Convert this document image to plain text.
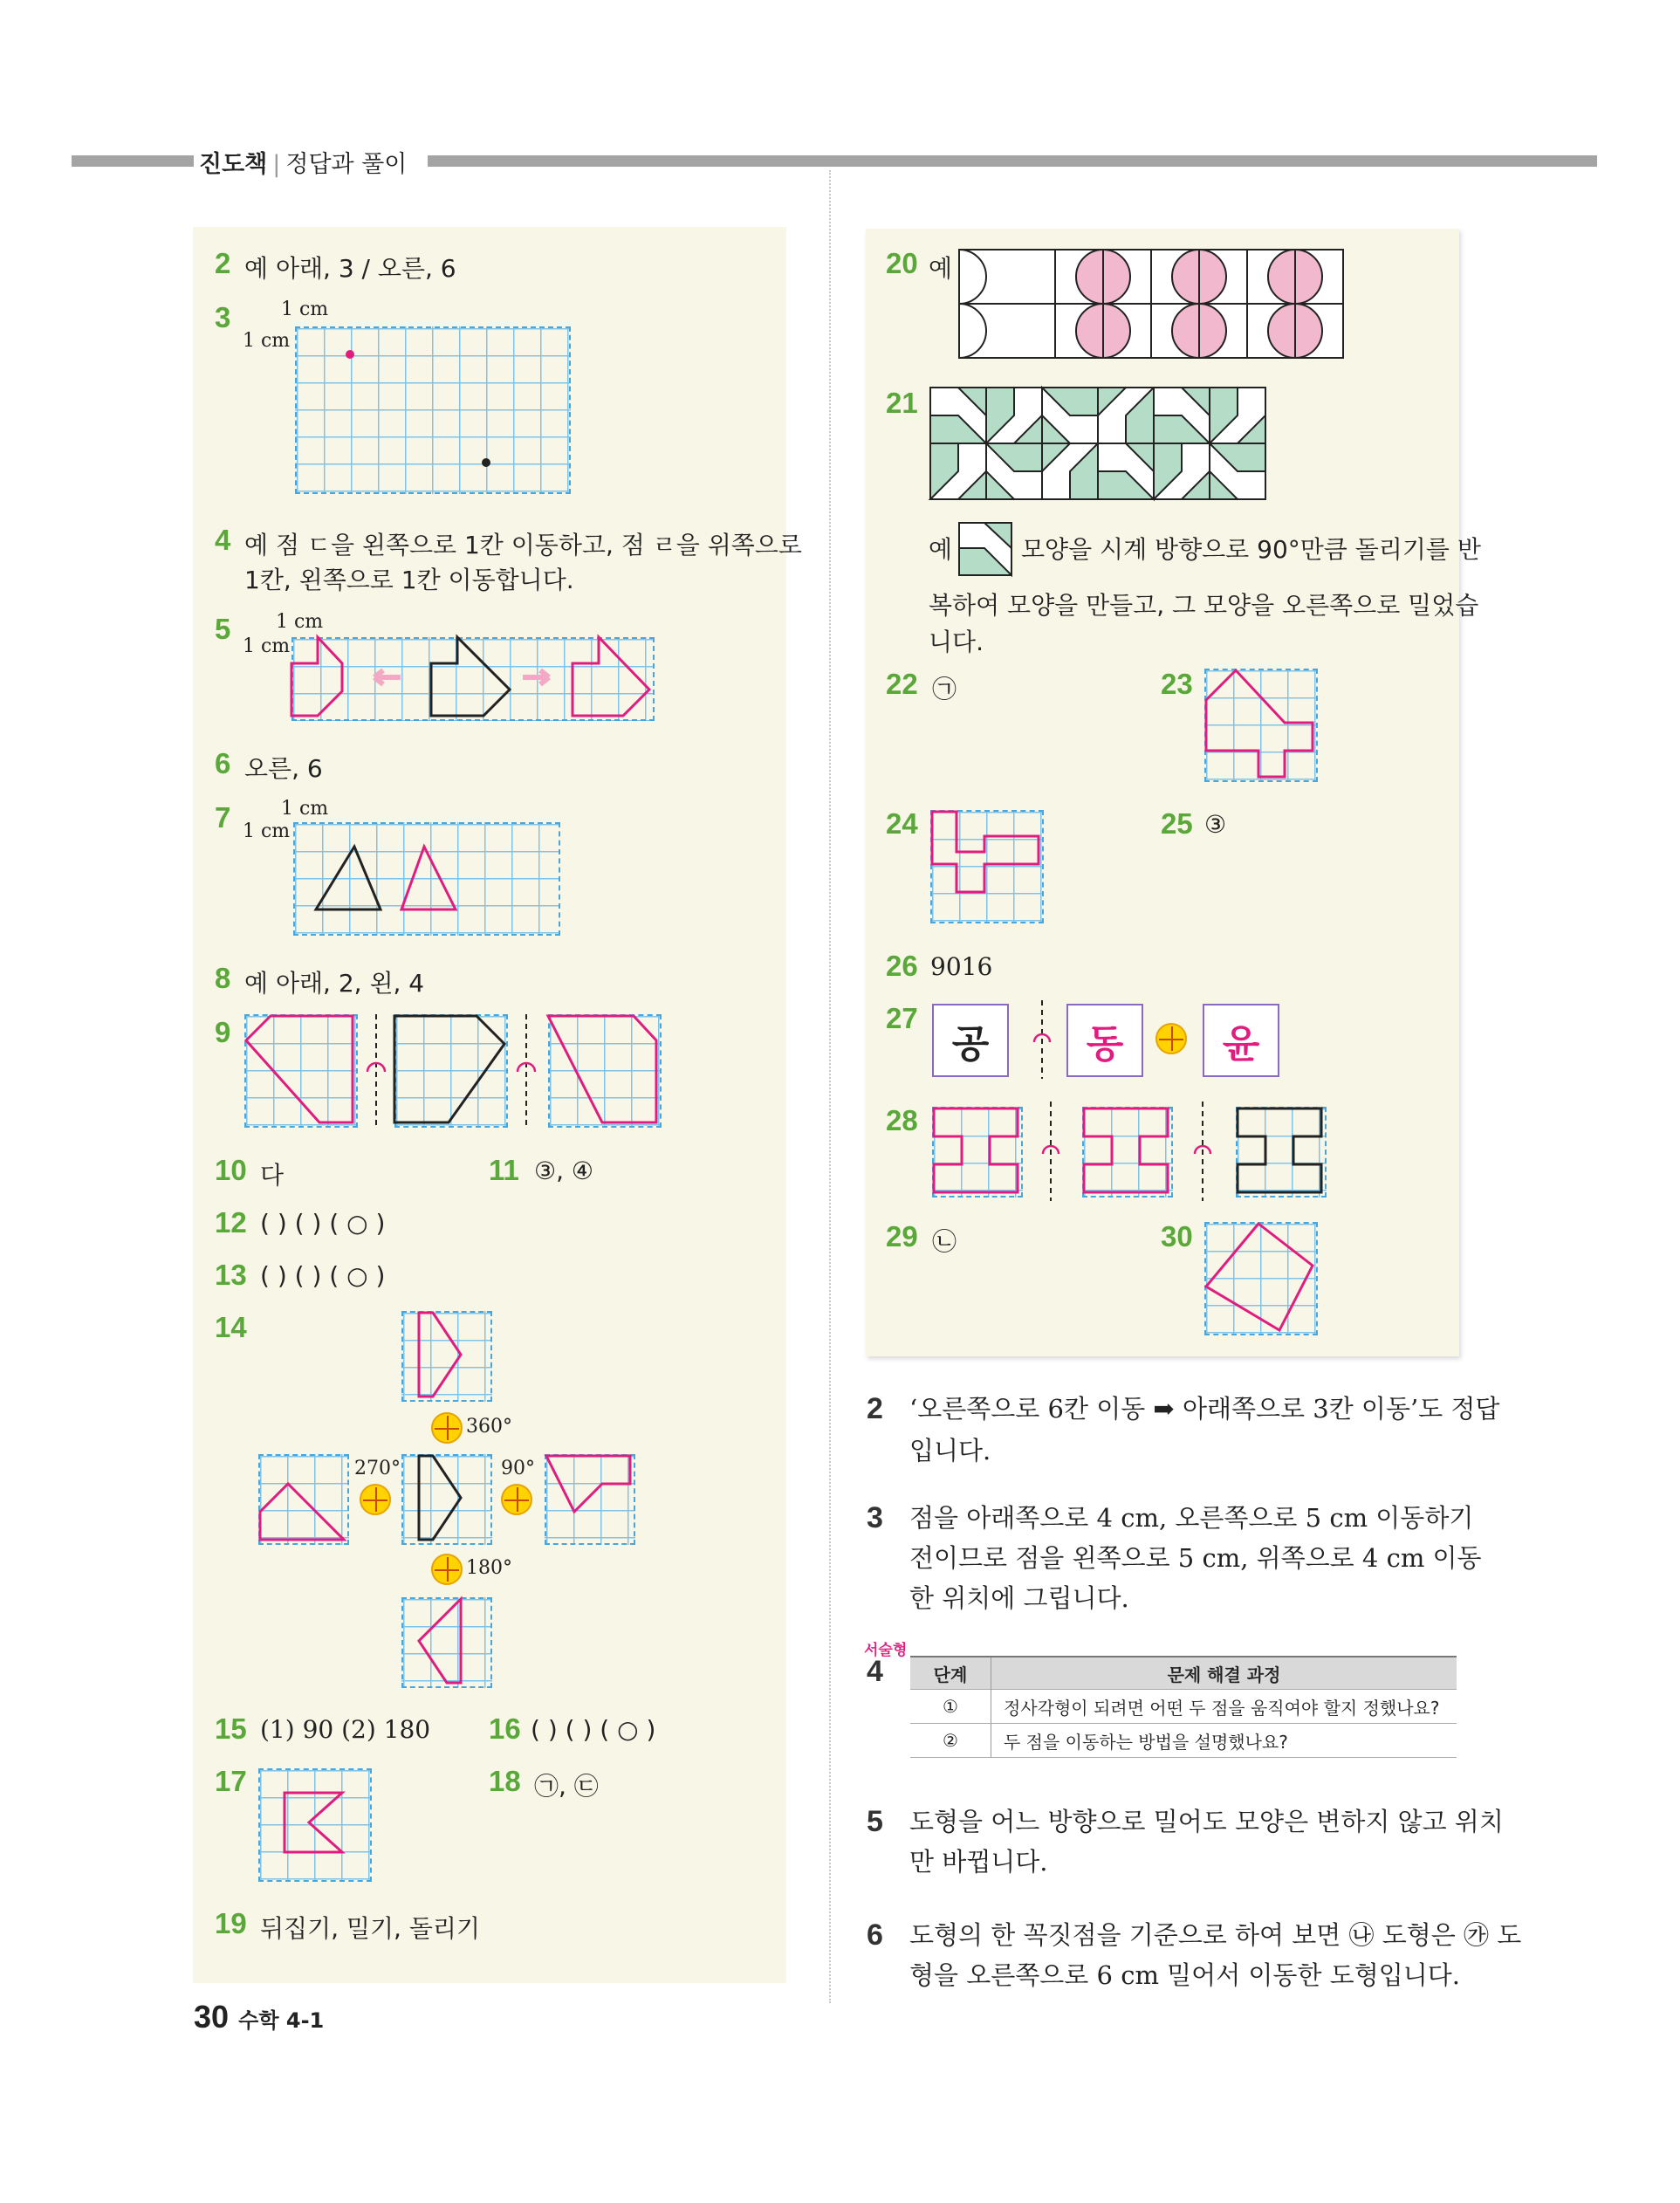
진도책 | 정답과 풀이
2 예 아래, 3 / 오른, 6
3	1 cm
1 cm
4 예 점 ㄷ을 왼쪽으로 1칸 이동하고, 점 ㄹ을 위쪽으로
1칸, 왼쪽으로 1칸 이동합니다.
5 1 cm
1 cm
6 오른, 6
7	1 cm
1 cm
8 예 아래, 2, 왼, 4
9
10 다	11 ③, ④
12 ( ) ( ) ( ○ )
13 ( ) ( ) ( ○ )
14
360°
270°	90°
180°
15 (1) 90 (2) 180 16 ( ) ( ) ( ○ )
17	18 ㉠, ㉢
19 뒤집기, 밀기, 돌리기
30 수학 4-1
20 예
21
예	모양을 시계 방향으로 90°만큼 돌리기를 반
복하여 모양을 만들고, 그 모양을 오른쪽으로 밀었습
니다.
22 ㉠	23
24	25 ③
26 9016
27
공	동	윤
28
29 ㉡	30
2 ‘오른쪽으로 6칸 이동 ➡ 아래쪽으로 3칸 이동’도 정답
입니다.
3 점을 아래쪽으로 4 cm, 오른쪽으로 5 cm 이동하기
전이므로 점을 왼쪽으로 5 cm, 위쪽으로 4 cm 이동
한 위치에 그립니다.
서술형
4	단계	문제 해결 과정
①	정사각형이 되려면 어떤 두 점을 움직여야 할지 정했나요?
②	두 점을 이동하는 방법을 설명했나요?
5 도형을 어느 방향으로 밀어도 모양은 변하지 않고 위치
만 바뀝니다.
6 도형의 한 꼭짓점을 기준으로 하여 보면 ㉯ 도형은 ㉮ 도
형을 오른쪽으로 6 cm 밀어서 이동한 도형입니다.
